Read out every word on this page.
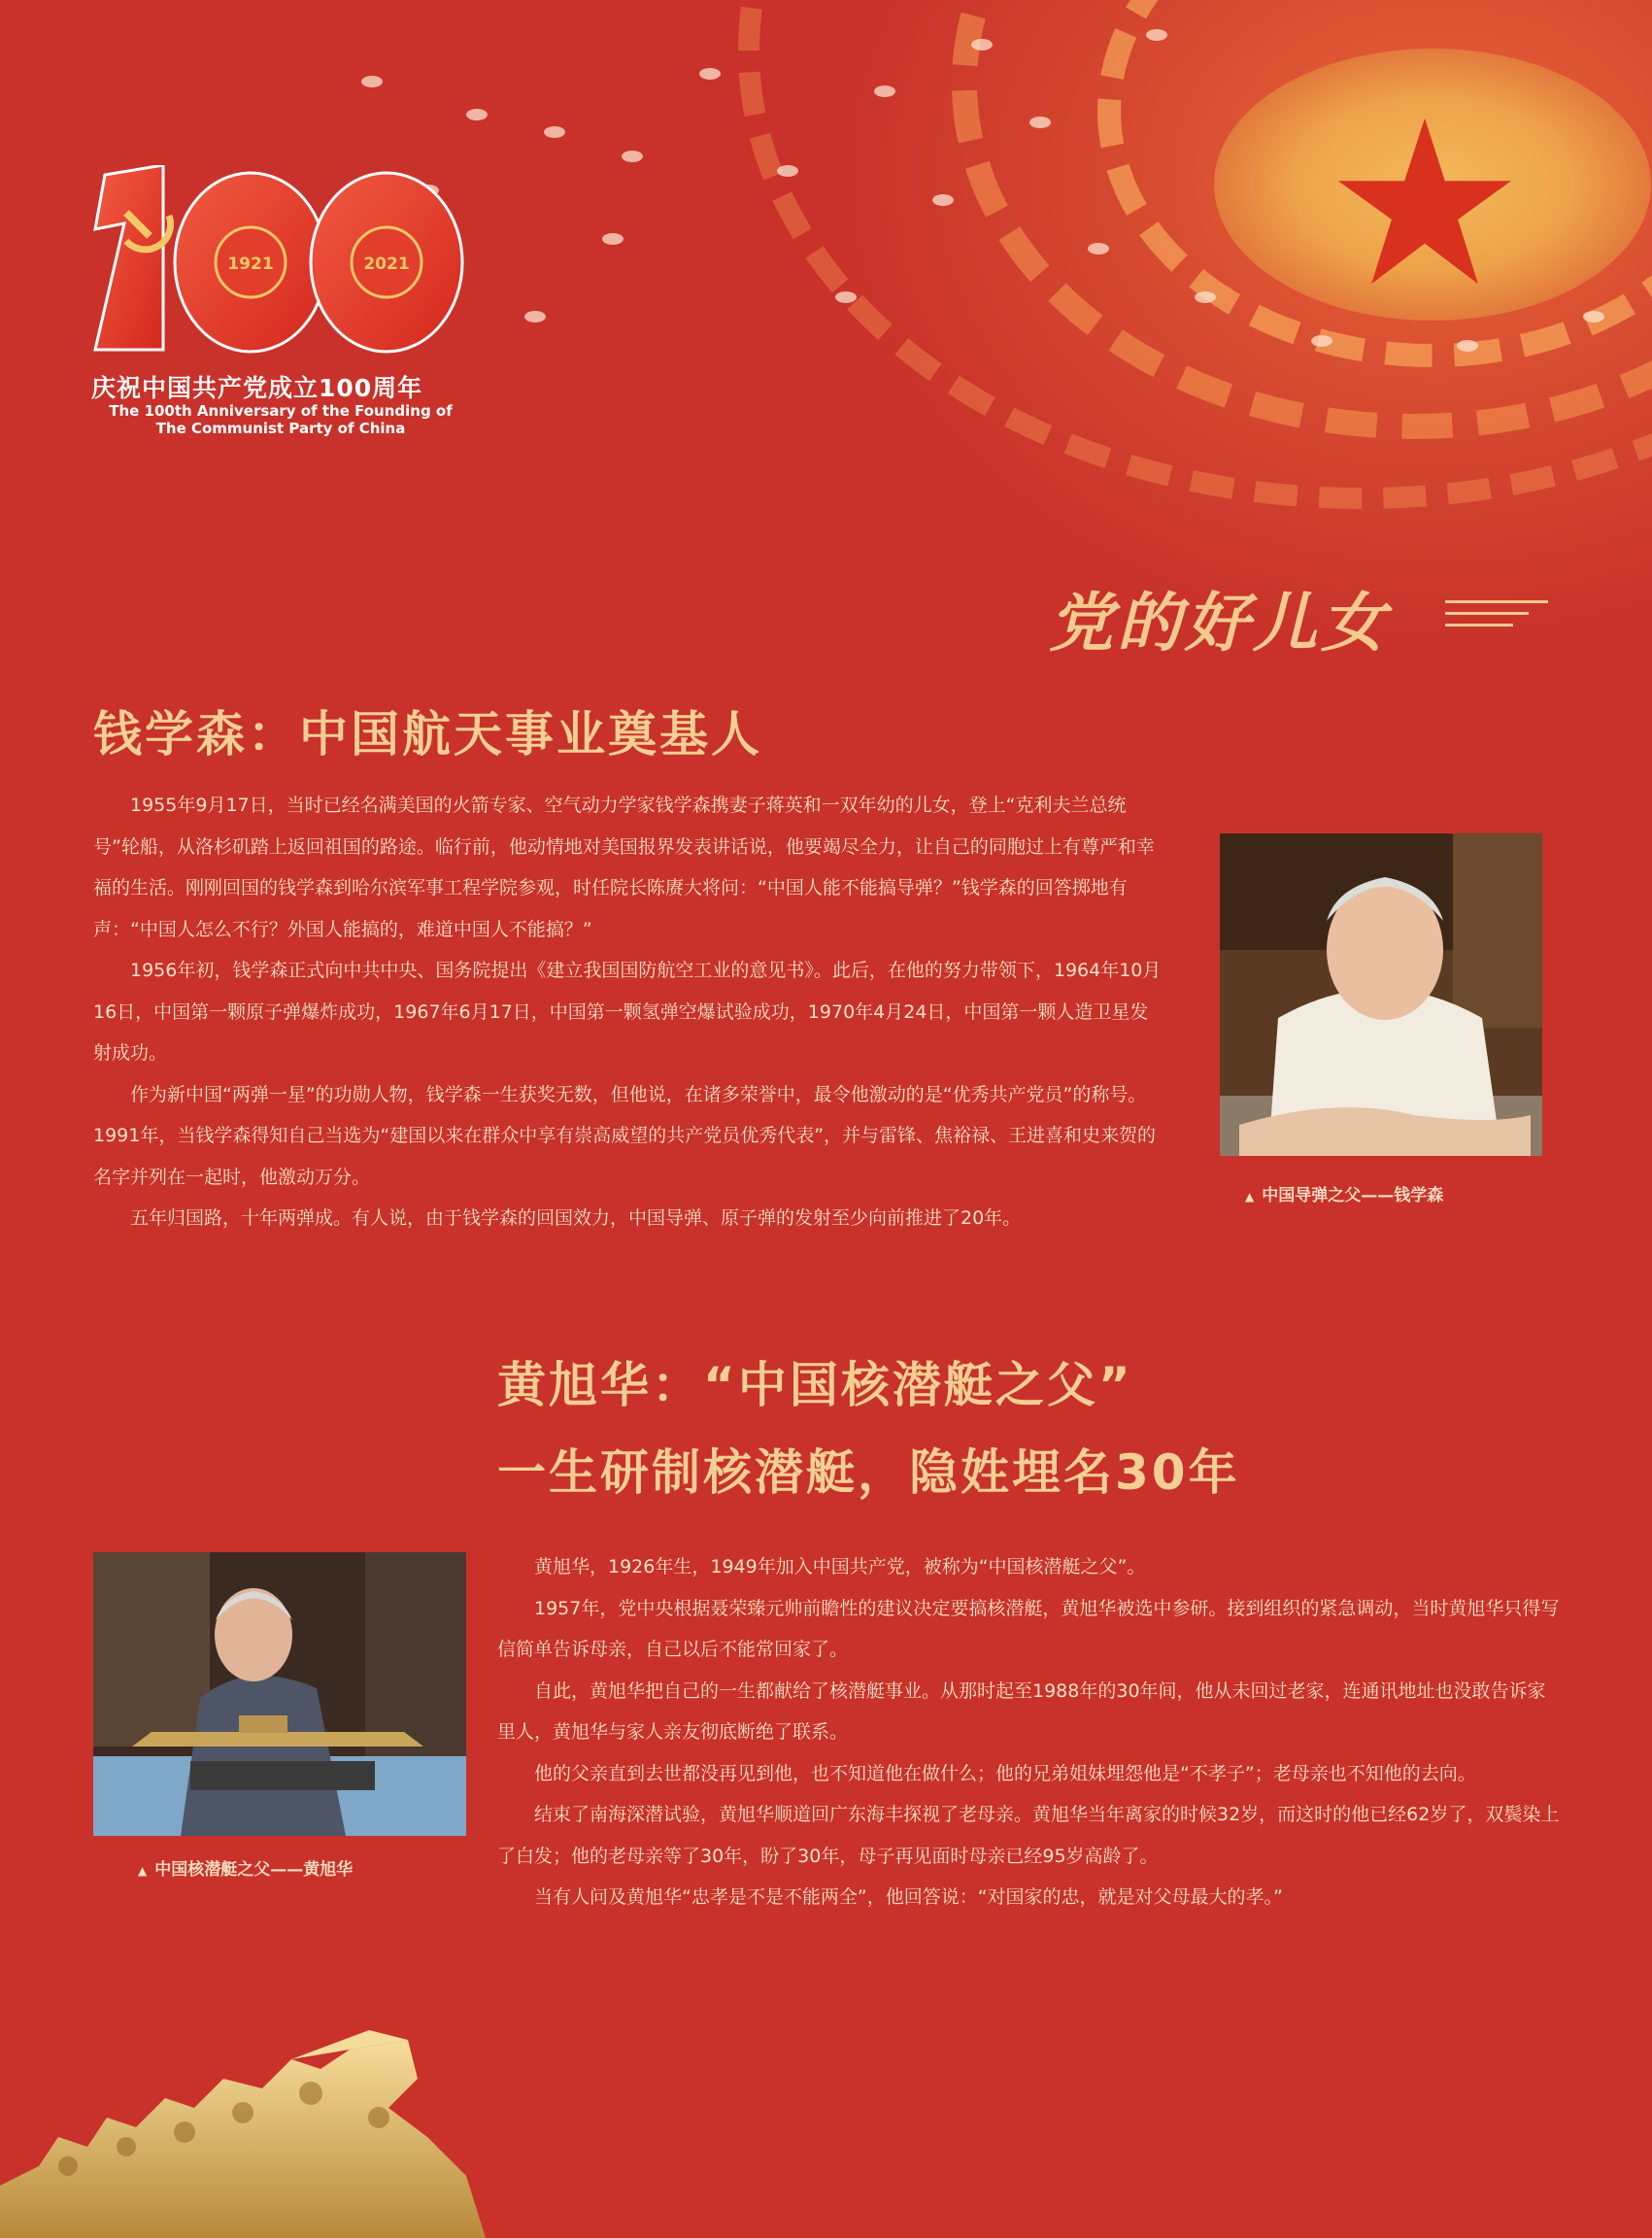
1921	2021
庆祝中国共产党成立100周年
The 100th Anniversary of the Founding of
The Communist Party of China
党的好儿女
钱学森：中国航天事业奠基人

1955年9月17日，当时已经名满美国的火箭专家、空气动力学家钱学森携妻子蒋英和一双年幼的儿女，登上“克利夫兰总统号”轮船，从洛杉矶踏上返回祖国的路途。临行前，他动情地对美国报界发表讲话说，他要竭尽全力，让自己的同胞过上有尊严和幸福的生活。刚刚回国的钱学森到哈尔滨军事工程学院参观，时任院长陈赓大将问：“中国人能不能搞导弹？”钱学森的回答掷地有声：“中国人怎么不行？外国人能搞的，难道中国人不能搞？”

1956年初，钱学森正式向中共中央、国务院提出《建立我国国防航空工业的意见书》。此后，在他的努力带领下，1964年10月16日，中国第一颗原子弹爆炸成功，1967年6月17日，中国第一颗氢弹空爆试验成功，1970年4月24日，中国第一颗人造卫星发射成功。

作为新中国“两弹一星”的功勋人物，钱学森一生获奖无数，但他说，在诸多荣誉中，最令他激动的是“优秀共产党员”的称号。1991年，当钱学森得知自己当选为“建国以来在群众中享有崇高威望的共产党员优秀代表”，并与雷锋、焦裕禄、王进喜和史来贺的名字并列在一起时，他激动万分。

五年归国路，十年两弹成。有人说，由于钱学森的回国效力，中国导弹、原子弹的发射至少向前推进了20年。

▲ 中国导弹之父——钱学森
黄旭华：“中国核潜艇之父”
一生研制核潜艇，隐姓埋名30年
▲ 中国核潜艇之父——黄旭华

黄旭华，1926年生，1949年加入中国共产党，被称为“中国核潜艇之父”。

1957年，党中央根据聂荣臻元帅前瞻性的建议决定要搞核潜艇，黄旭华被选中参研。接到组织的紧急调动，当时黄旭华只得写信简单告诉母亲，自己以后不能常回家了。

自此，黄旭华把自己的一生都献给了核潜艇事业。从那时起至1988年的30年间，他从未回过老家，连通讯地址也没敢告诉家里人，黄旭华与家人亲友彻底断绝了联系。

他的父亲直到去世都没再见到他，也不知道他在做什么；他的兄弟姐妹埋怨他是“不孝子”；老母亲也不知他的去向。

结束了南海深潜试验，黄旭华顺道回广东海丰探视了老母亲。黄旭华当年离家的时候32岁，而这时的他已经62岁了，双鬓染上了白发；他的老母亲等了30年，盼了30年，母子再见面时母亲已经95岁高龄了。

当有人问及黄旭华“忠孝是不是不能两全”，他回答说：“对国家的忠，就是对父母最大的孝。”
